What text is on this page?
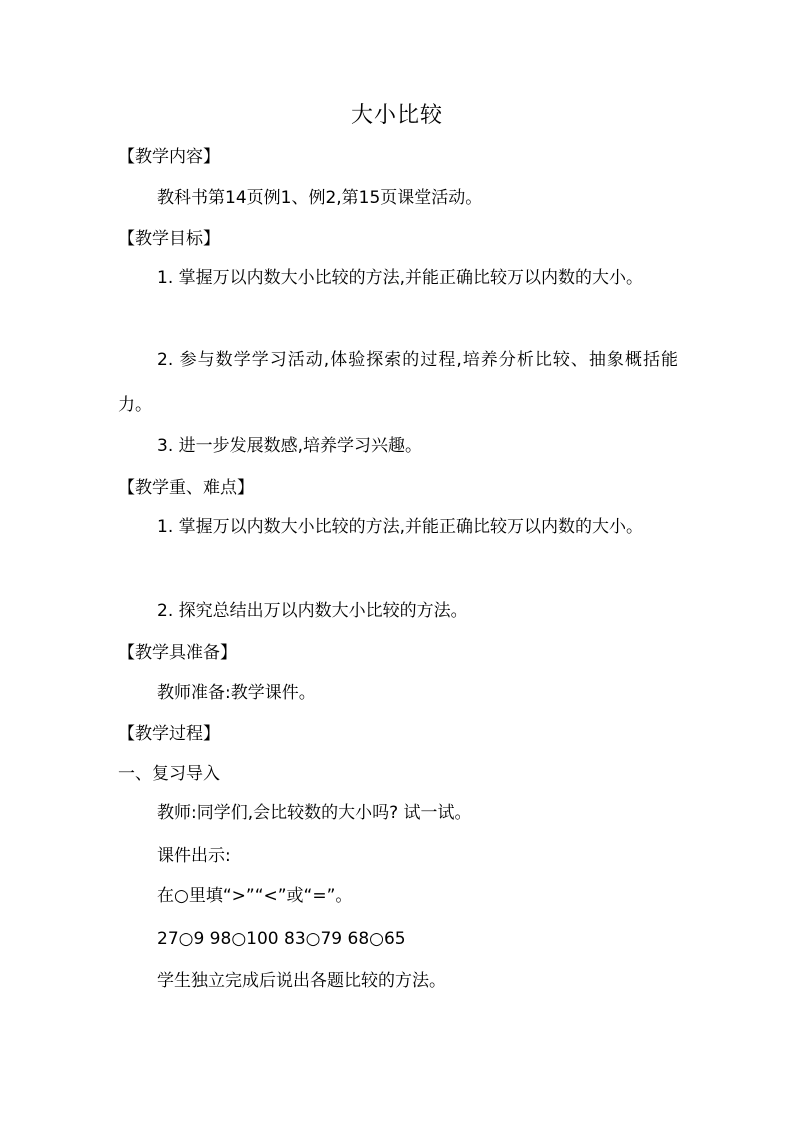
大小比较

【教学内容】

教科书第14页例1、例2,第15页课堂活动。

【教学目标】

1. 掌握万以内数大小比较的方法,并能正确比较万以内数的大小。

2. 参与数学学习活动,体验探索的过程,培养分析比较、抽象概括能力。

3. 进一步发展数感,培养学习兴趣。

【教学重、难点】

1. 掌握万以内数大小比较的方法,并能正确比较万以内数的大小。

2. 探究总结出万以内数大小比较的方法。

【教学具准备】

教师准备:教学课件。

【教学过程】

一、复习导入

教师:同学们,会比较数的大小吗? 试一试。

课件出示:

在○里填“>”“<”或“=”。

27○9 98○100 83○79 68○65

学生独立完成后说出各题比较的方法。
